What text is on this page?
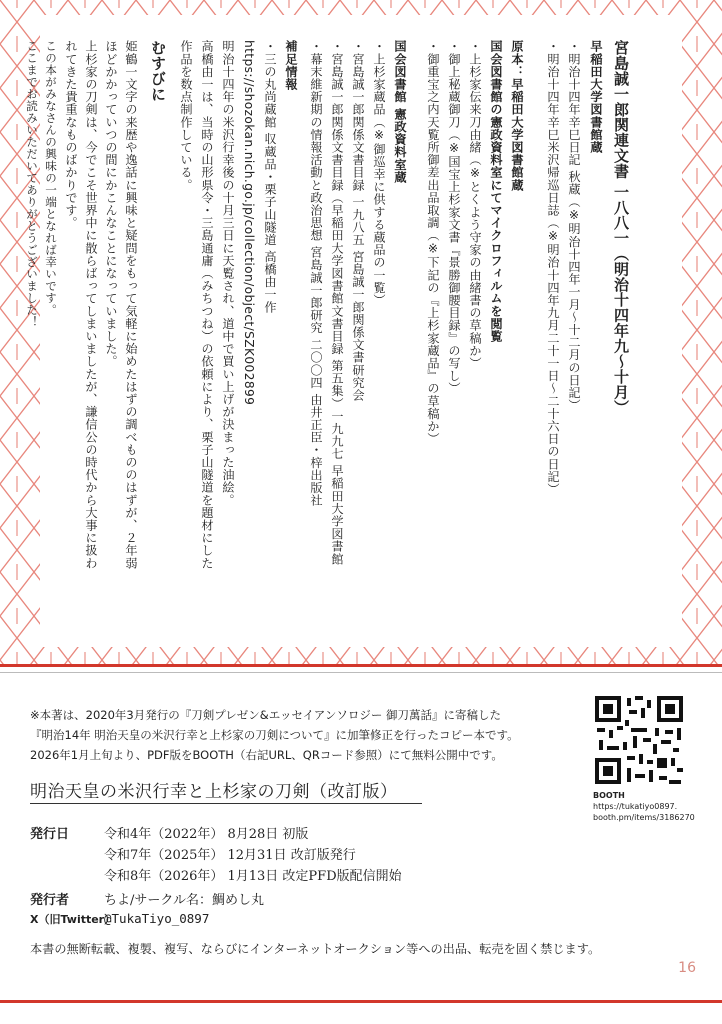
宮島誠一郎関連文書 一八八一（明治十四年九〜十月）
早稲田大学図書館蔵
・明治十四年辛巳日記 秋蔵（※明治十四年一月〜十二月の日記）
・明治十四年辛巳米沢帰巡日誌（※明治十四年九月二十一日〜二十六日の日記）
原本：早稲田大学図書館蔵
国会図書館の憲政資料室にてマイクロフィルムを閲覧
・上杉家伝来刀由緒（※とくよう守家の由緒書の草稿か）
・御上秘蔵御刀（※国宝上杉家文書『景勝御腰目録』の写し）
・御重宝之内天覧所御差出品取調（※下記の『上杉家蔵品』の草稿か）
国会図書館 憲政資料室蔵
・上杉家蔵品（※御巡幸に供する蔵品の一覧）
・宮島誠一郎関係文書目録 一九八五 宮島誠一郎関係文書研究会
・宮島誠一郎関係文書目録（早稲田大学図書館文書目録 第五集）一九九七 早稲田大学図書館
・幕末維新期の情報活動と政治思想 宮島誠一郎研究 二〇〇四 由井正臣・梓出版社
補足情報
・三の丸尚蔵館 収蔵品・栗子山隧道 高橋由一作
https://shozokan.nich.go.jp/collection/object/SZK002899
明治十四年の米沢行幸後の十月三日に天覧され、道中で買い上げが決まった油絵。
高橋由一は、当時の山形県令・三島通庸（みちつね）の依頼により、栗子山隧道を題材にした
作品を数点制作している。
むすびに
姫鶴一文字の来歴や逸話に興味と疑問をもって気軽に始めたはずの調べもののはずが、２年弱
ほどかかっていつの間にかこんなことになっていました。
上杉家の刀剣は、今でこそ世界中に散らばってしまいましたが、謙信公の時代から大事に扱わ
れてきた貴重なものばかりです。
この本がみなさんの興味の一端となれば幸いです。
ここまでお読みいただいてありがとうございました！
※本著は、2020年3月発行の『刀剣プレゼン&エッセイアンソロジー 御刀萬話』に寄稿した
『明治14年 明治天皇の米沢行幸と上杉家の刀剣について』に加筆修正を行ったコピー本です。
2026年1月上旬より、PDF版をBOOTH（右記URL、QRコード参照）にて無料公開中です。
BOOTH
https://tukatiyo0897.
booth.pm/items/3186270
明治天皇の米沢行幸と上杉家の刀剣（改訂版）
発行日	令和4年（2022年） 8月28日 初版
令和7年（2025年） 12月31日 改訂版発行
令和8年（2026年） 1月13日 改定PFD版配信開始
発行者	ちよ/サークル名：鯛めし丸
X（旧Twitter）
@TukaTiyo_0897
本書の無断転載、複製、複写、ならびにインターネットオークション等への出品、転売を固く禁じます。
16
